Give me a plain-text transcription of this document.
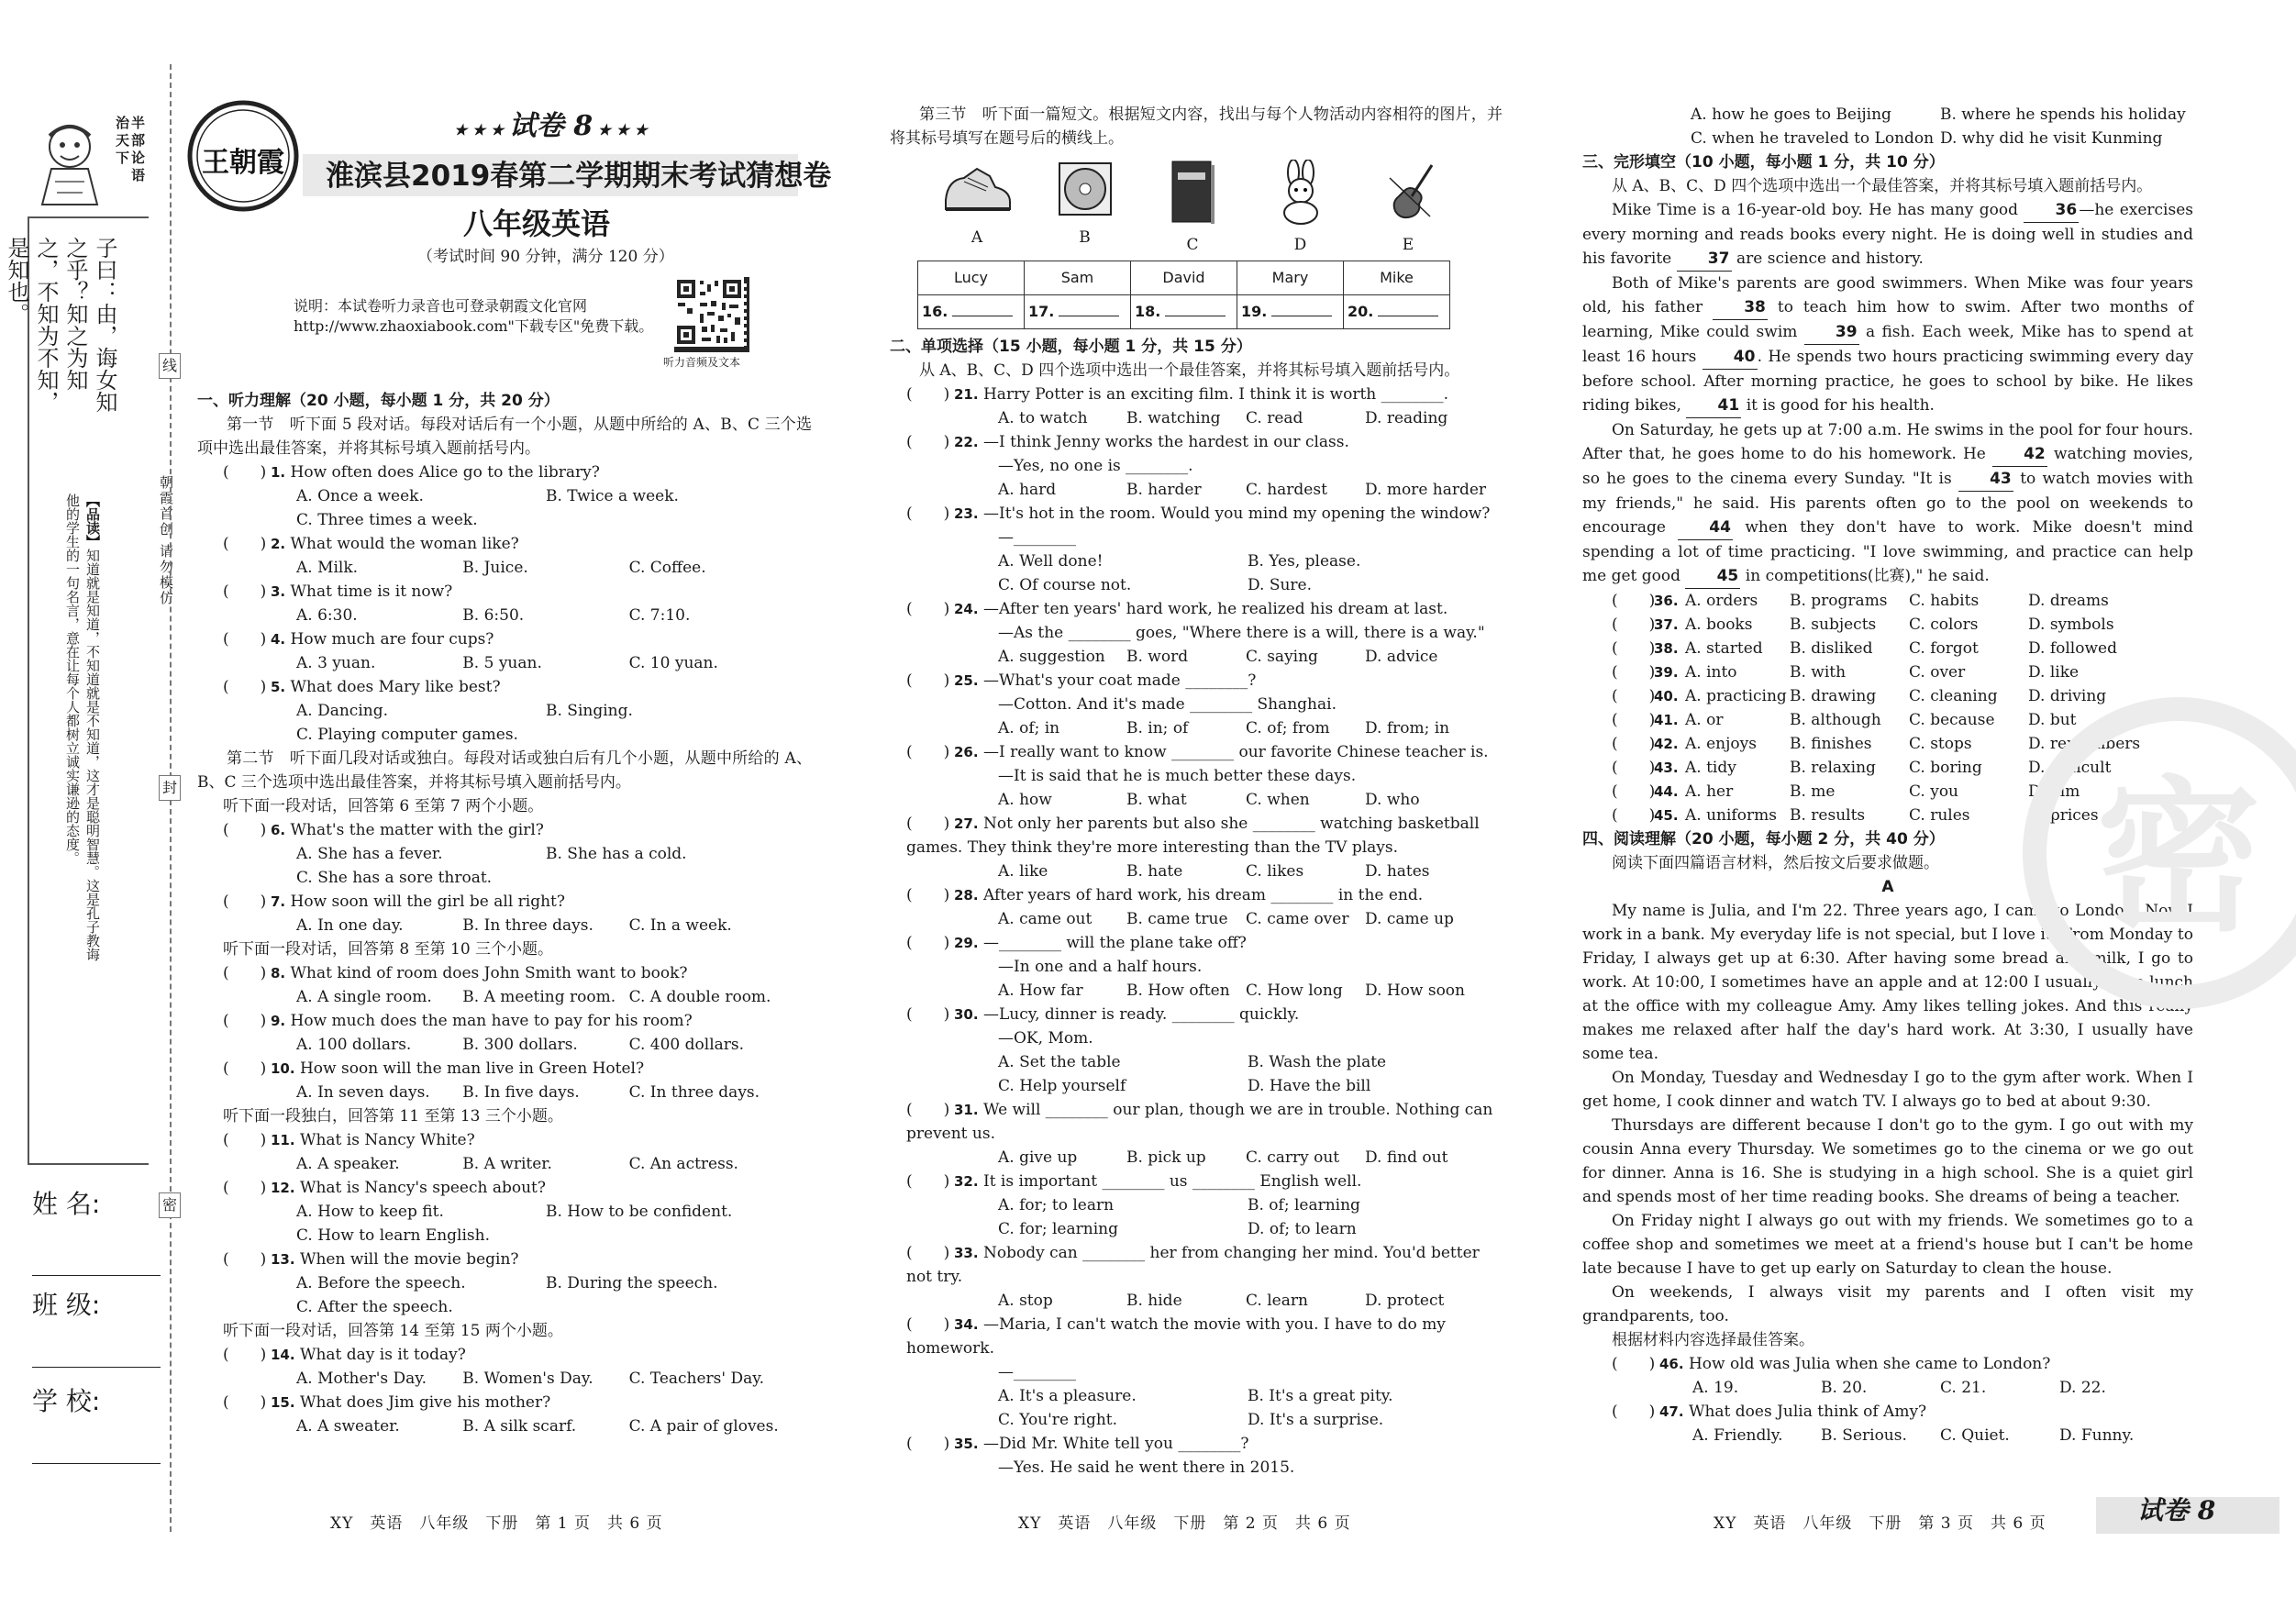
半部论语 治天下
子曰：由，诲女知之乎？知之为知之，不知为不知，是知也。
【品读】知道就是知道，不知道就是不知道，这才是聪明智慧。这是孔子教诲他的学生的一句名言，意在让每个人都树立诚实谦逊的态度。	朝霞首创 请勿模仿
线
封
密
姓 名:
班 级:
学 校:
王朝霞
★ ★ ★ 试卷 8 ★ ★ ★
淮滨县2019春第二学期期末考试猜想卷
八年级英语
（考试时间 90 分钟，满分 120 分）
说明：本试卷听力录音也可登录朝霞文化官网 http://www.zhaoxiabook.com"下载专区"免费下载。
听力音频及文本
一、听力理解（20 小题，每小题 1 分，共 20 分）

第一节　听下面 5 段对话。每段对话后有一个小题，从题中所给的 A、B、C 三个选项中选出最佳答案，并将其标号填入题前括号内。

(　　) 1. How often does Alice go to the library?
A. Once a week.	B. Twice a week.
C. Three times a week.
(　　) 2. What would the woman like?
A. Milk.	B. Juice.	C. Coffee.
(　　) 3. What time is it now?
A. 6:30.	B. 6:50.	C. 7:10.
(　　) 4. How much are four cups?
A. 3 yuan.	B. 5 yuan.	C. 10 yuan.
(　　) 5. What does Mary like best?
A. Dancing.	B. Singing.
C. Playing computer games.

第二节　听下面几段对话或独白。每段对话或独白后有几个小题，从题中所给的 A、B、C 三个选项中选出最佳答案，并将其标号填入题前括号内。

听下面一段对话，回答第 6 至第 7 两个小题。
(　　) 6. What's the matter with the girl?
A. She has a fever.	B. She has a cold.
C. She has a sore throat.
(　　) 7. How soon will the girl be all right?
A. In one day.	B. In three days.	C. In a week.
听下面一段对话，回答第 8 至第 10 三个小题。
(　　) 8. What kind of room does John Smith want to book?
A. A single room.	B. A meeting room. C. A double room.
(　　) 9. How much does the man have to pay for his room?
A. 100 dollars.	B. 300 dollars.	C. 400 dollars.
(　　) 10. How soon will the man live in Green Hotel?
A. In seven days.	B. In five days.	C. In three days.
听下面一段独白，回答第 11 至第 13 三个小题。
(　　) 11. What is Nancy White?
A. A speaker.	B. A writer.	C. An actress.
(　　) 12. What is Nancy's speech about?
A. How to keep fit.	B. How to be confident.
C. How to learn English.
(　　) 13. When will the movie begin?
A. Before the speech.	B. During the speech.
C. After the speech.
听下面一段对话，回答第 14 至第 15 两个小题。
(　　) 14. What day is it today?
A. Mother's Day.	B. Women's Day.	C. Teachers' Day.
(　　) 15. What does Jim give his mother?
A. A sweater.	B. A silk scarf.	C. A pair of gloves.

第三节　听下面一篇短文。根据短文内容，找出与每个人物活动内容相符的图片，并将其标号填写在题号后的横线上。

A	B	C	D	E
Lucy	Sam	David	Mary	Mike
16.	17.	18.	19.	20.
二、单项选择（15 小题，每小题 1 分，共 15 分）

从 A、B、C、D 四个选项中选出一个最佳答案，并将其标号填入题前括号内。

(　　) 21. Harry Potter is an exciting film. I think it is worth ________.
A. to watch	B. watching	C. read	D. reading
(　　) 22. —I think Jenny works the hardest in our class.
—Yes, no one is ________.
A. hard	B. harder	C. hardest	D. more harder
(　　) 23. —It's hot in the room. Would you mind my opening the window?
—________
A. Well done!	B. Yes, please.
C. Of course not.	D. Sure.
(　　) 24. —After ten years' hard work, he realized his dream at last.
—As the ________ goes, "Where there is a will, there is a way."
A. suggestion	B. word	C. saying	D. advice
(　　) 25. —What's your coat made ________?
—Cotton. And it's made ________ Shanghai.
A. of; in	B. in; of	C. of; from	D. from; in
(　　) 26. —I really want to know ________ our favorite Chinese teacher is.
—It is said that he is much better these days.
A. how	B. what	C. when	D. who
(　　) 27. Not only her parents but also she ________ watching basketball games. They think they're more interesting than the TV plays.
A. like	B. hate	C. likes	D. hates
(　　) 28. After years of hard work, his dream ________ in the end.
A. came out	B. came true	C. came over	D. came up
(　　) 29. —________ will the plane take off?
—In one and a half hours.
A. How far	B. How often	C. How long	D. How soon
(　　) 30. —Lucy, dinner is ready. ________ quickly.
—OK, Mom.
A. Set the table	B. Wash the plate
C. Help yourself	D. Have the bill
(　　) 31. We will ________ our plan, though we are in trouble. Nothing can prevent us.
A. give up	B. pick up	C. carry out	D. find out
(　　) 32. It is important ________ us ________ English well.
A. for; to learn	B. of; learning
C. for; learning	D. of; to learn
(　　) 33. Nobody can ________ her from changing her mind. You'd better not try.
A. stop	B. hide	C. learn	D. protect
(　　) 34. —Maria, I can't watch the movie with you. I have to do my homework.
—________
A. It's a pleasure.	B. It's a great pity.
C. You're right.	D. It's a surprise.
(　　) 35. —Did Mr. White tell you ________?
—Yes. He said he went there in 2015.
A. how he goes to Beijing	B. where he spends his holiday
C. when he traveled to London D. why did he visit Kunming
三、完形填空（10 小题，每小题 1 分，共 10 分）

从 A、B、C、D 四个选项中选出一个最佳答案，并将其标号填入题前括号内。

Mike Time is a 16-year-old boy. He has many good 36 —he exercises every morning and reads books every night. He is doing well in studies and his favorite 37 are science and history.

Both of Mike's parents are good swimmers. When Mike was four years old, his father 38 to teach him how to swim. After two months of learning, Mike could swim 39 a fish. Each week, Mike has to spend at least 16 hours 40 . He spends two hours practicing swimming every day before school. After morning practice, he goes to school by bike. He likes riding bikes, 41 it is good for his health.

On Saturday, he gets up at 7:00 a.m. He swims in the pool for four hours. After that, he goes home to do his homework. He 42 watching movies, so he goes to the cinema every Sunday. "It is 43 to watch movies with my friends," he said. His parents often go to the pool on weekends to encourage 44 when they don't have to work. Mike doesn't mind spending a lot of time practicing. "I love swimming, and practice can help me get good 45 in competitions(比赛)," he said.

(　　)
36. A. orders	B. programs	C. habits	D. dreams
(　　)
37. A. books	B. subjects	C. colors	D. symbols
(　　)
38. A. started	B. disliked	C. forgot	D. followed
(　　)
39. A. into	B. with	C. over	D. like
(　　)
40. A. practicing B. drawing	C. cleaning	D. driving
(　　)
41. A. or	B. although	C. because	D. but
(　　)
42. A. enjoys	B. finishes	C. stops	D. remembers
(　　)
43. A. tidy	B. relaxing	C. boring	D. difficult
(　　)
44. A. her	B. me	C. you	D. him
(　　)
45. A. uniforms B. results	C. rules	D. prices
四、阅读理解（20 小题，每小题 2 分，共 40 分）

阅读下面四篇语言材料，然后按文后要求做题。

A

My name is Julia, and I'm 22. Three years ago, I came to London. Now I work in a bank. My everyday life is not special, but I love it. From Monday to Friday, I always get up at 6:30. After having some bread and milk, I go to work. At 10:00, I sometimes have an apple and at 12:00 I usually have lunch at the office with my colleague Amy. Amy likes telling jokes. And this really makes me relaxed after half the day's hard work. At 3:30, I usually have some tea.

On Monday, Tuesday and Wednesday I go to the gym after work. When I get home, I cook dinner and watch TV. I always go to bed at about 9:30.

Thursdays are different because I don't go to the gym. I go out with my cousin Anna every Thursday. We sometimes go to the cinema or we go out for dinner. Anna is 16. She is studying in a high school. She is a quiet girl and spends most of her time reading books. She dreams of being a teacher.

On Friday night I always go out with my friends. We sometimes go to a coffee shop and sometimes we meet at a friend's house but I can't be home late because I have to get up early on Saturday to clean the house.

On weekends, I always visit my parents and I often visit my grandparents, too.

根据材料内容选择最佳答案。

(　　) 46. How old was Julia when she came to London?
A. 19.	B. 20.	C. 21.	D. 22.
(　　) 47. What does Julia think of Amy?
A. Friendly.	B. Serious.	C. Quiet.	D. Funny.
密
XY　英语　八年级　下册　第 1 页　共 6 页	XY　英语　八年级　下册　第 2 页　共 6 页	XY　英语　八年级　下册　第 3 页　共 6 页	试卷 8
